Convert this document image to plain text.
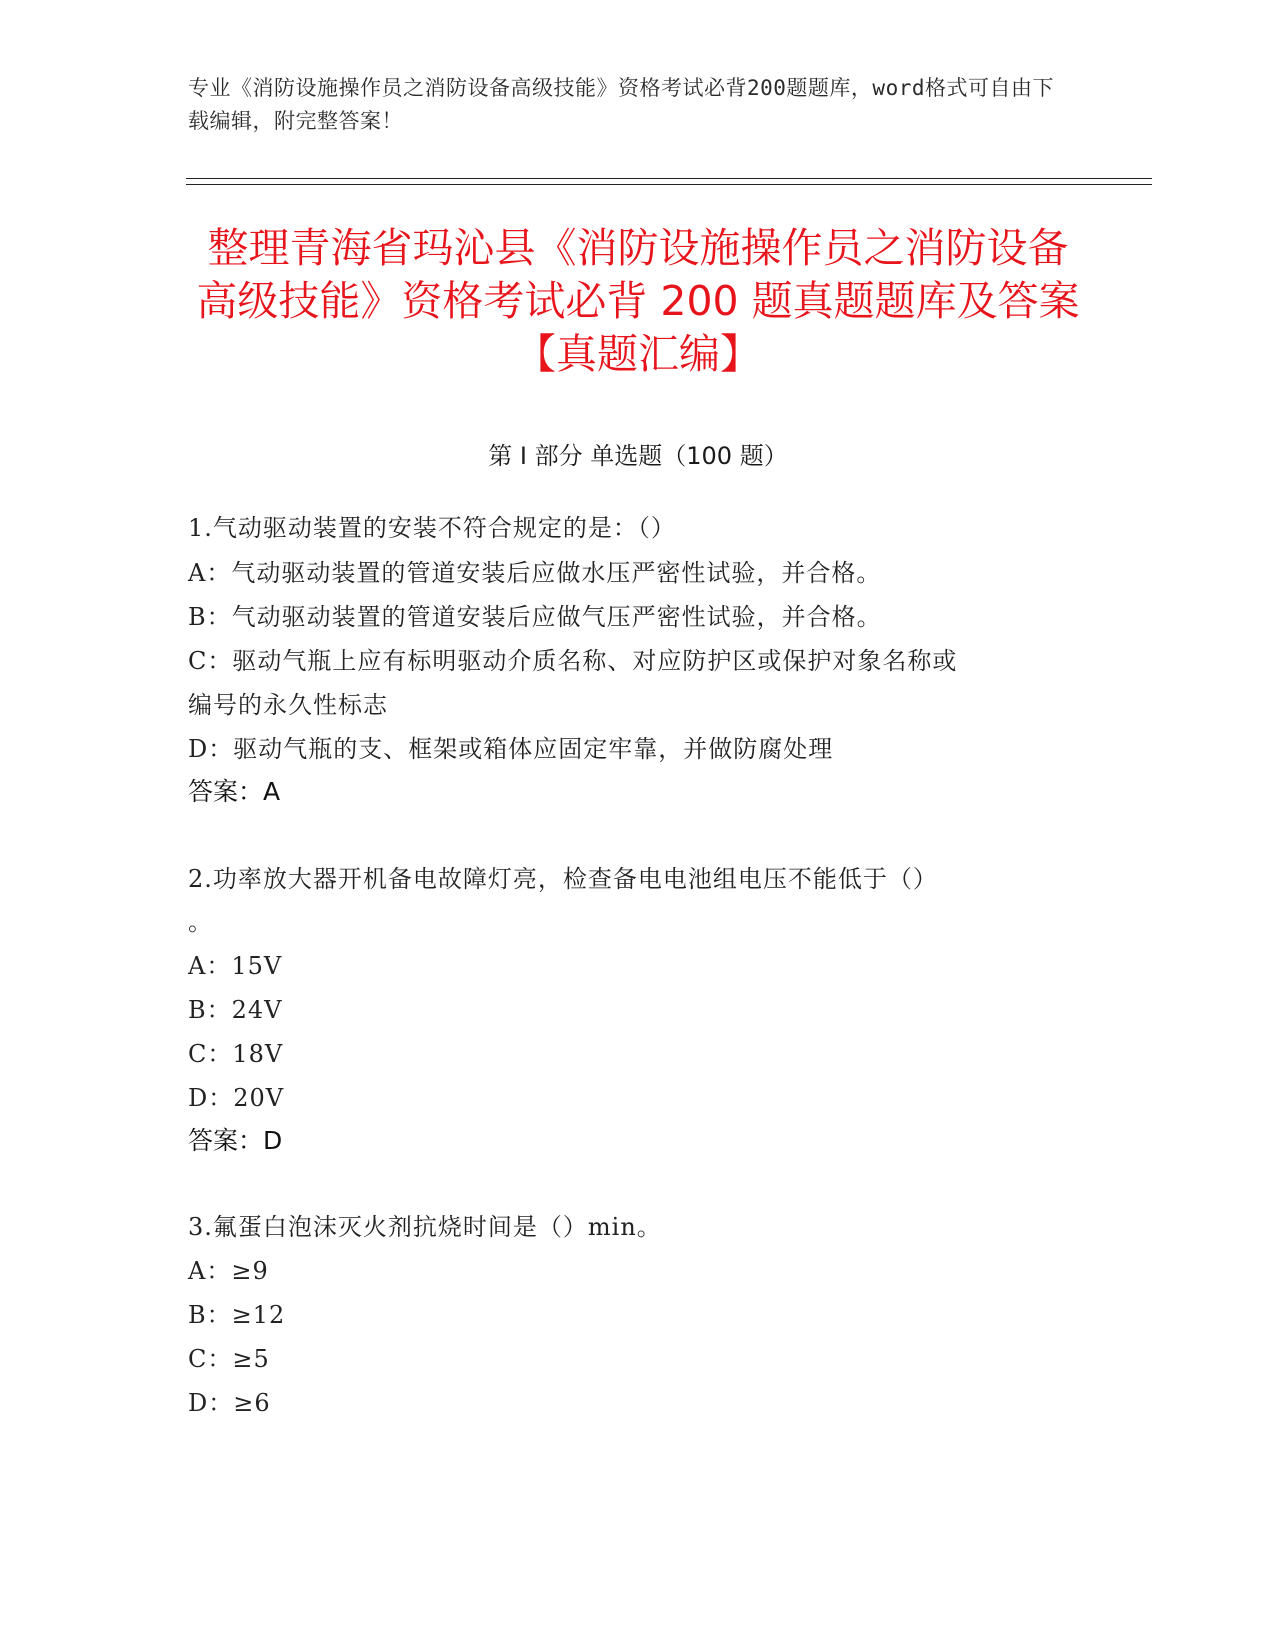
专业《消防设施操作员之消防设备高级技能》资格考试必背200题题库，word格式可自由下载编辑，附完整答案！
整理青海省玛沁县《消防设施操作员之消防设备高级技能》资格考试必背 200 题真题题库及答案【真题汇编】
第 I 部分 单选题（100 题）
1.气动驱动装置的安装不符合规定的是：（）
A：气动驱动装置的管道安装后应做水压严密性试验，并合格。
B：气动驱动装置的管道安装后应做气压严密性试验，并合格。
C：驱动气瓶上应有标明驱动介质名称、对应防护区或保护对象名称或
编号的永久性标志
D：驱动气瓶的支、框架或箱体应固定牢靠，并做防腐处理
答案：A
2.功率放大器开机备电故障灯亮，检查备电电池组电压不能低于（）
。
A：15V
B：24V
C：18V
D：20V
答案：D
3.氟蛋白泡沫灭火剂抗烧时间是（）min。
A：≥9
B：≥12
C：≥5
D：≥6
